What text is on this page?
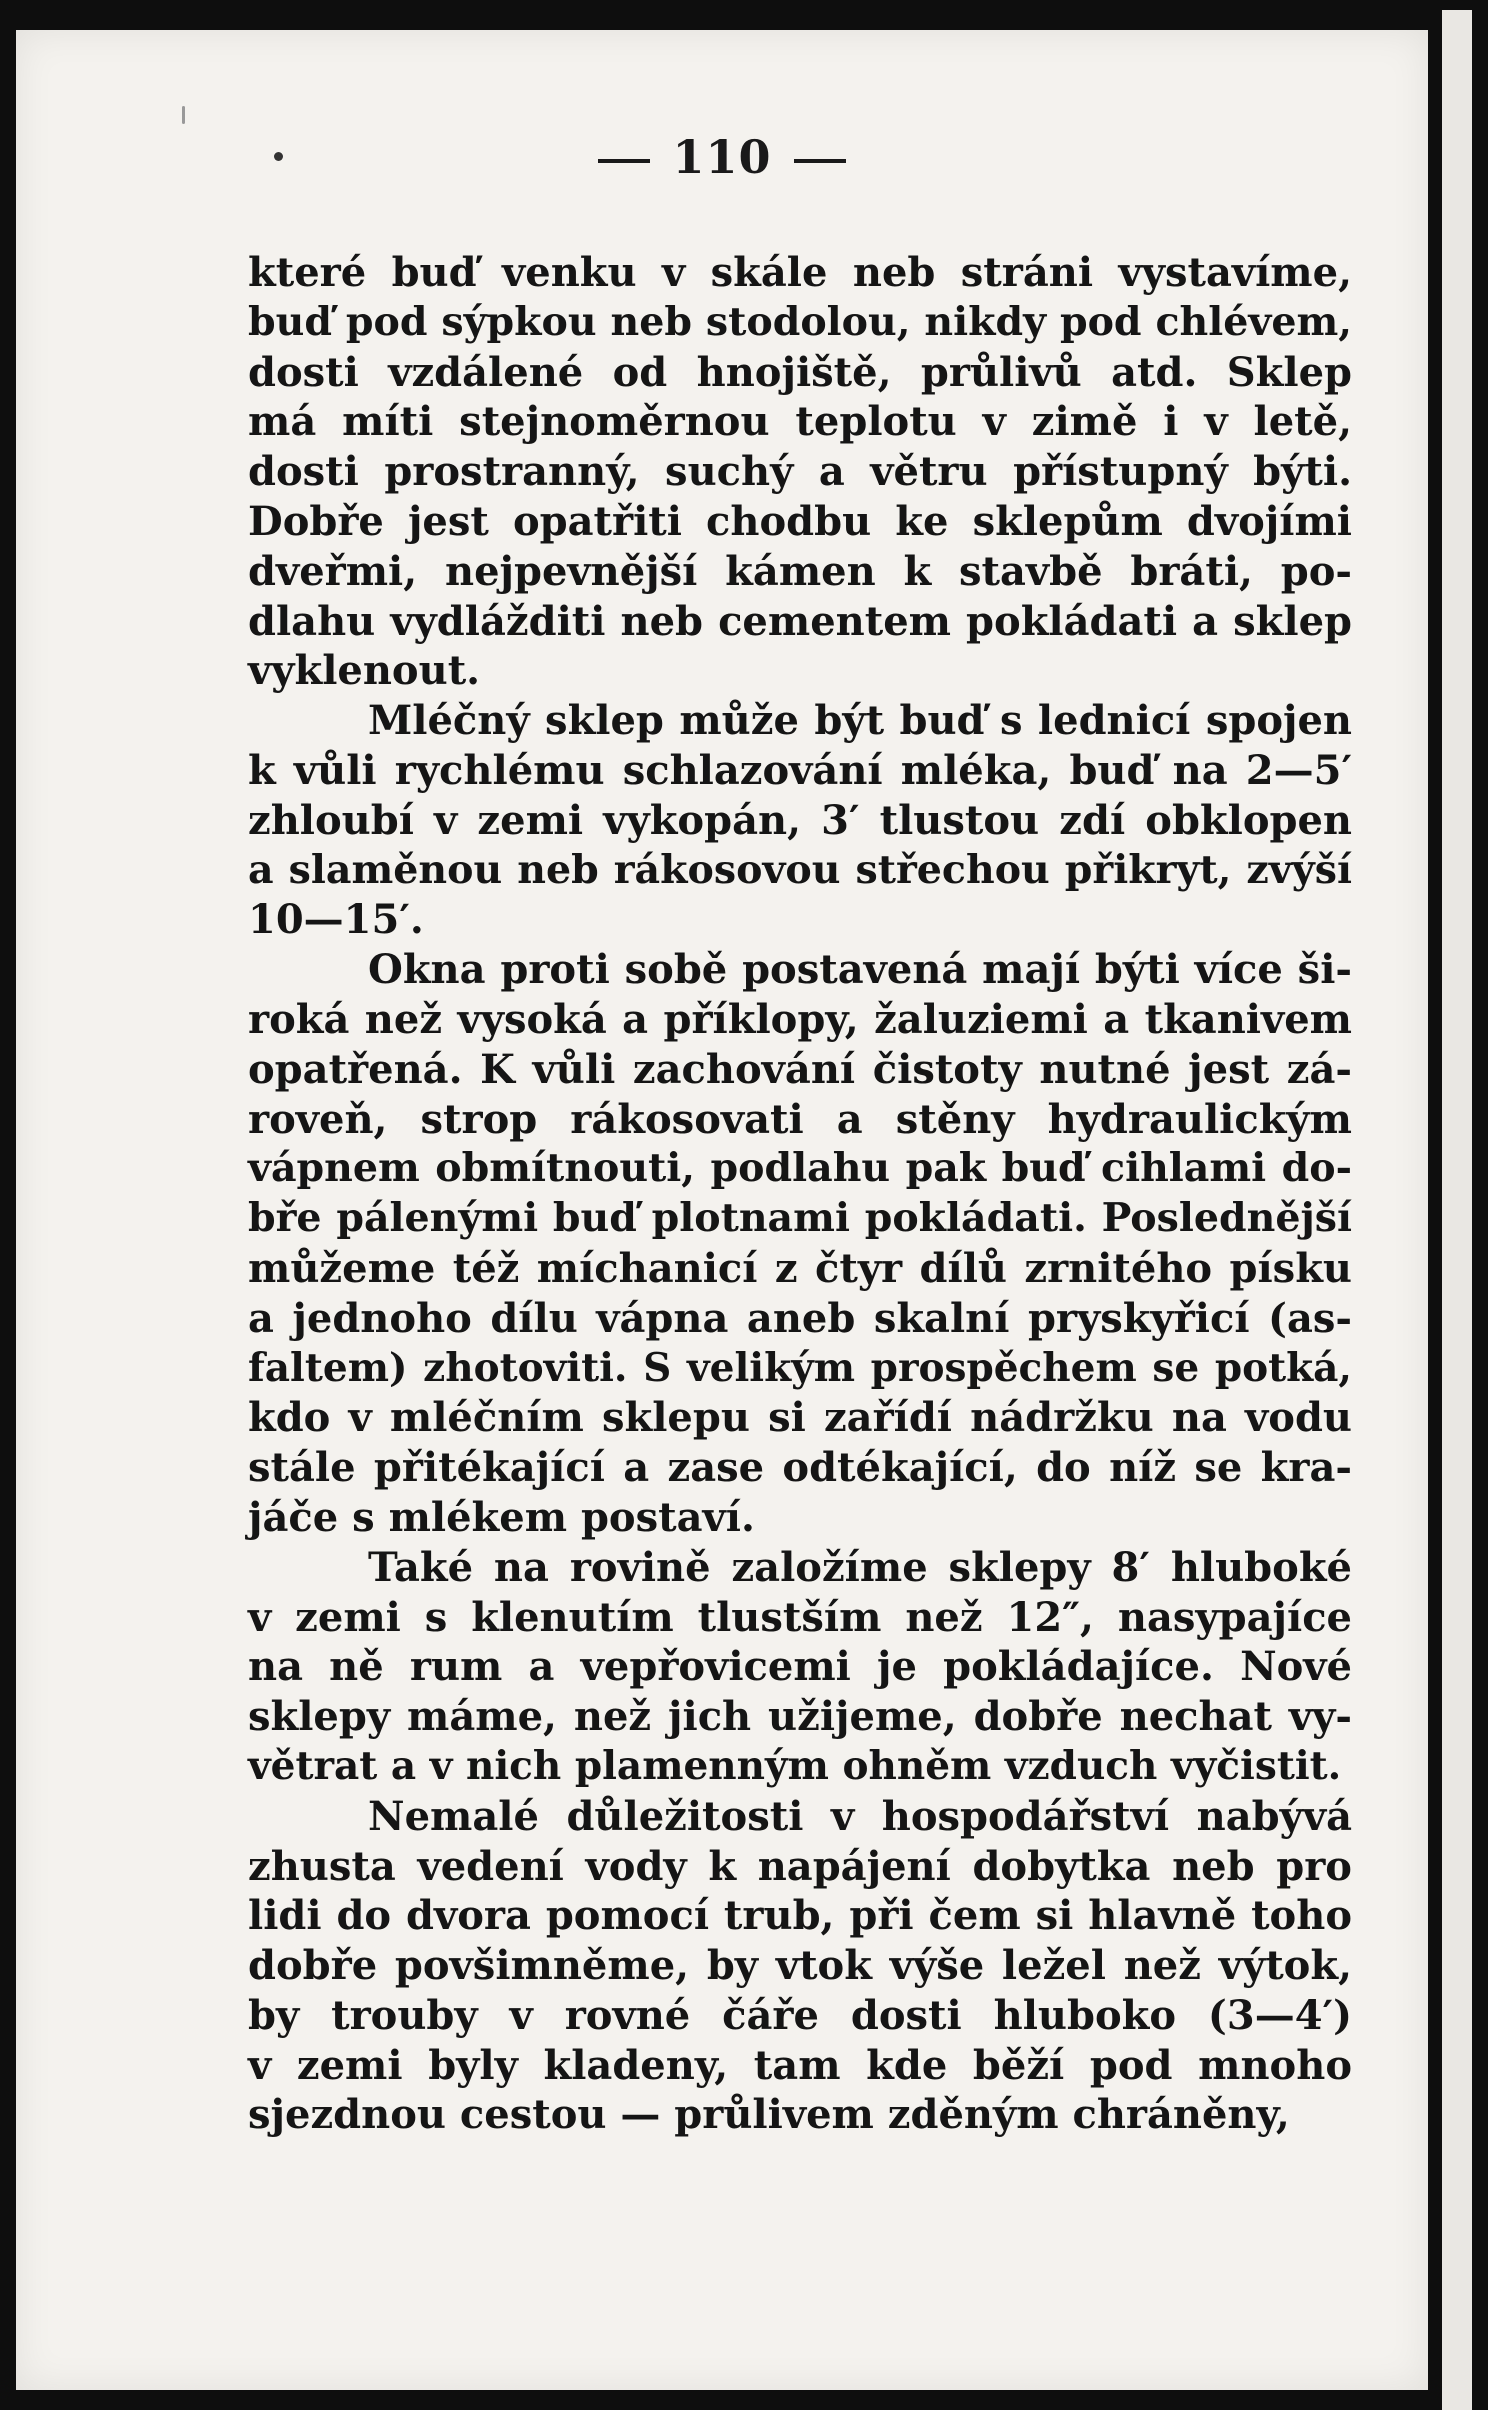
110
které buď venku v skále neb stráni vystavíme,
buď pod sýpkou neb stodolou, nikdy pod chlévem,
dosti vzdálené od hnojiště, průlivů atd. Sklep
má míti stejnoměrnou teplotu v zimě i v letě,
dosti prostranný, suchý a větru přístupný býti.
Dobře jest opatřiti chodbu ke sklepům dvojími
dveřmi, nejpevnější kámen k stavbě bráti, po-
dlahu vydlážditi neb cementem pokládati a sklep
vyklenout.
Mléčný sklep může být buď s lednicí spojen
k vůli rychlému schlazování mléka, buď na 2—5′
zhloubí v zemi vykopán, 3′ tlustou zdí obklopen
a slaměnou neb rákosovou střechou přikryt, zvýší
10—15′.
Okna proti sobě postavená mají býti více ši-
roká než vysoká a příklopy, žaluziemi a tkanivem
opatřená. K vůli zachování čistoty nutné jest zá-
roveň, strop rákosovati a stěny hydraulickým
vápnem obmítnouti, podlahu pak buď cihlami do-
bře pálenými buď plotnami pokládati. Poslednější
můžeme též míchanicí z čtyr dílů zrnitého písku
a jednoho dílu vápna aneb skalní pryskyřicí (as-
faltem) zhotoviti. S velikým prospěchem se potká,
kdo v mléčním sklepu si zařídí nádržku na vodu
stále přitékající a zase odtékající, do níž se kra-
jáče s mlékem postaví.
Také na rovině založíme sklepy 8′ hluboké
v zemi s klenutím tlustším než 12″, nasypajíce
na ně rum a vepřovicemi je pokládajíce. Nové
sklepy máme, než jich užijeme, dobře nechat vy-
větrat a v nich plamenným ohněm vzduch vyčistit.
Nemalé důležitosti v hospodářství nabývá
zhusta vedení vody k napájení dobytka neb pro
lidi do dvora pomocí trub, při čem si hlavně toho
dobře povšimněme, by vtok výše ležel než výtok,
by trouby v rovné čáře dosti hluboko (3—4′)
v zemi byly kladeny, tam kde běží pod mnoho
sjezdnou cestou — průlivem zděným chráněny,
